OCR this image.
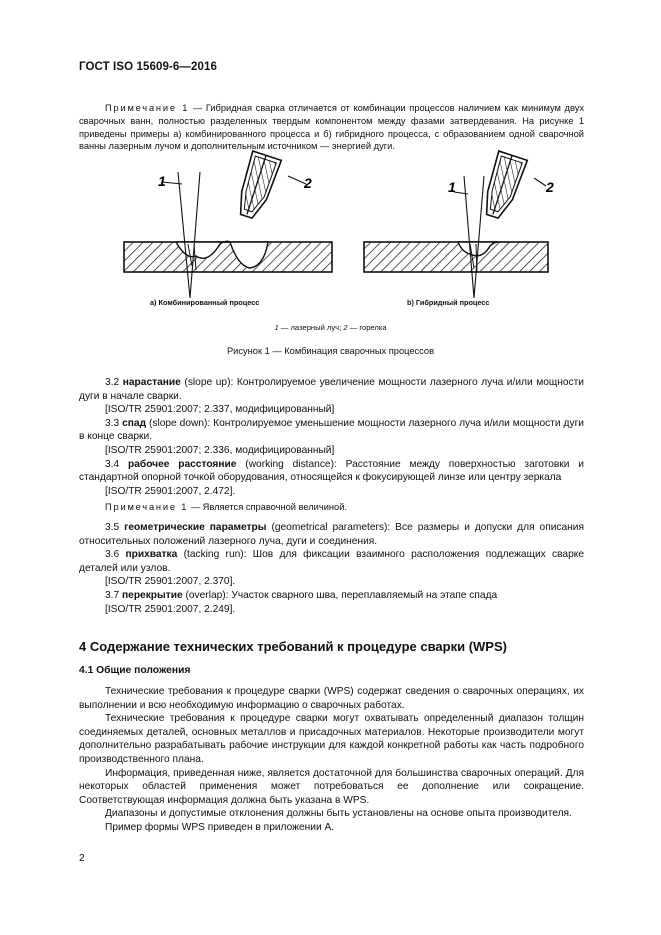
ГОСТ ISO 15609-6—2016

Примечание 1 — Гибридная сварка отличается от комбинации процессов наличием как минимум двух сварочных ванн, полностью разделенных твердым компонентом между фазами затвердевания. На рисунке 1 приведены примеры а) комбинированного процесса и б) гибридного процесса, с образованием одной сварочной ванны лазерным лучом и дополнительным источником — энергией дуги.

1	2	1	2
а) Комбинированный процесс	b) Гибридный процесс
1 — лазерный луч; 2 — горелка
Рисунок 1 — Комбинация сварочных процессов

3.2 нарастание (slope up): Контролируемое увеличение мощности лазерного луча и/или мощности дуги в начале сварки.

[ISO/TR 25901:2007; 2.337, модифицированный]

3.3 спад (slope down): Контролируемое уменьшение мощности лазерного луча и/или мощности дуги в конце сварки.

[ISO/TR 25901:2007; 2.336, модифицированный]

3.4 рабочее расстояние (working distance): Расстояние между поверхностью заготовки и стандартной опорной точкой оборудования, относящейся к фокусирующей линзе или центру зеркала

[ISO/TR 25901:2007, 2.472].

Примечание 1 — Является справочной величиной.

3.5 геометрические параметры (geometrical parameters): Все размеры и допуски для описания относительных положений лазерного луча, дуги и соединения.

3.6 прихватка (tacking run): Шов для фиксации взаимного расположения подлежащих сварке деталей или узлов.

[ISO/TR 25901:2007, 2.370].

3.7 перекрытие (overlap): Участок сварного шва, переплавляемый на этапе спада

[ISO/TR 25901:2007, 2.249].

4 Содержание технических требований к процедуре сварки (WPS)
4.1 Общие положения

Технические требования к процедуре сварки (WPS) содержат сведения о сварочных операциях, их выполнении и всю необходимую информацию о сварочных работах.

Технические требования к процедуре сварки могут охватывать определенный диапазон толщин соединяемых деталей, основных металлов и присадочных материалов. Некоторые производители могут дополнительно разрабатывать рабочие инструкции для каждой конкретной работы как часть подробного производственного плана.

Информация, приведенная ниже, является достаточной для большинства сварочных операций. Для некоторых областей применения может потребоваться ее дополнение или сокращение. Соответствующая информация должна быть указана в WPS.

Диапазоны и допустимые отклонения должны быть установлены на основе опыта производителя.

Пример формы WPS приведен в приложении А.

2
